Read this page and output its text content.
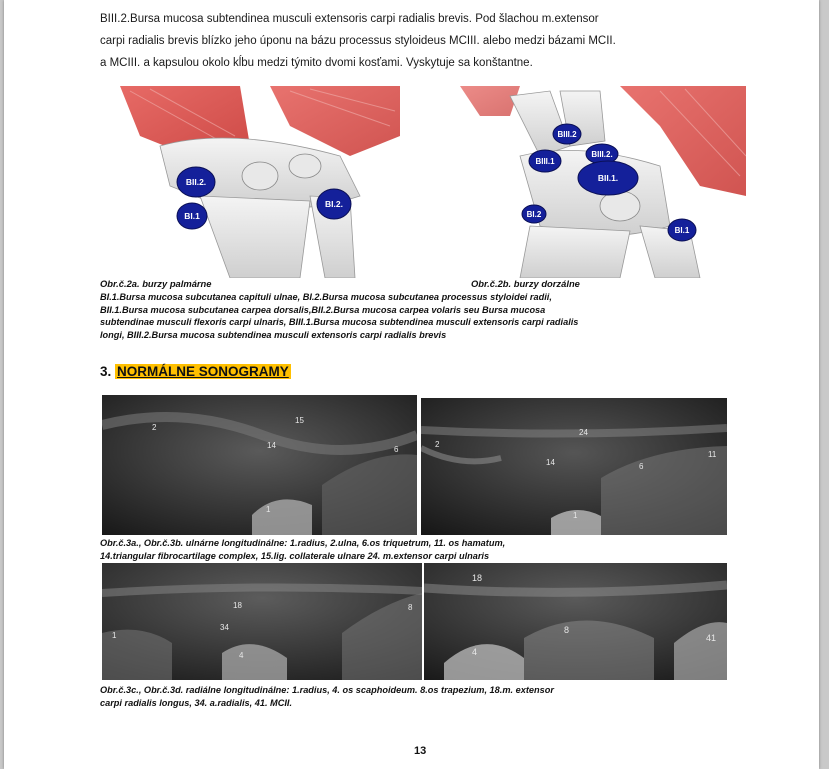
BIII.2.Bursa mucosa subtendinea musculi extensoris carpi radialis brevis. Pod šlachou m.extensor
carpi radialis brevis blízko jeho úponu na bázu processus styloideus MCIII. alebo medzi bázami MCII.
a MCIII. a kapsulou okolo kĺbu medzi týmito dvomi kosťami. Vyskytuje sa konštantne.
BII.2.
BI.1
BI.2.
BIII.2
BIII.2.
BIII.1
BII.1.
BI.2
BI.1
Obr.č.2a. burzy palmárne	Obr.č.2b. burzy dorzálne
BI.1.Bursa mucosa subcutanea capituli ulnae, BI.2.Bursa mucosa subcutanea processus styloidei radii,
BII.1.Bursa mucosa subcutanea carpea dorsalis,BII.2.Bursa mucosa carpea volaris seu Bursa mucosa
subtendinae musculi flexoris carpi ulnaris, BIII.1.Bursa mucosa subtendinea musculi extensoris carpi radialis
longi, BIII.2.Bursa mucosa subtendinea musculi extensoris carpi radialis brevis
3. NORMÁLNE SONOGRAMY
2
15
14	6
1
2
24
14	6
11
1
Obr.č.3a., Obr.č.3b. ulnárne longitudinálne: 1.radius, 2.ulna, 6.os triquetrum, 11. os hamatum,
14.triangular fibrocartilage complex, 15.lig. collaterale ulnare 24. m.extensor carpi ulnaris
18	8
1
34
4
18
8
4
41
Obr.č.3c., Obr.č.3d. radiálne longitudinálne: 1.radius, 4. os scaphoideum. 8.os trapezium, 18.m. extensor
carpi radialis longus, 34. a.radialis, 41. MCII.
13
